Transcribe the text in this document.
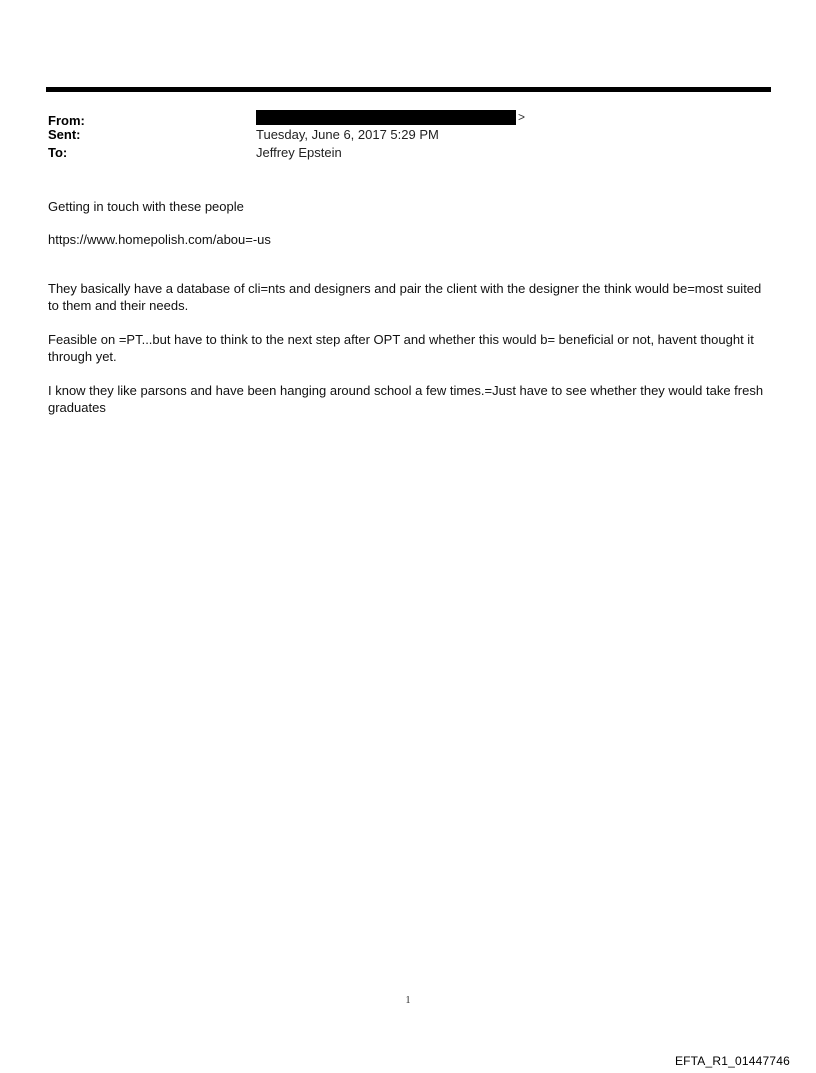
From:	>
Sent:	Tuesday, June 6, 2017 5:29 PM
To:	Jeffrey Epstein

Getting in touch with these people

https://www.homepolish.com/abou=-us

They basically have a database of cli=nts and designers and pair the client with the designer the think would be=most suited to them and their needs.

Feasible on =PT...but have to think to the next step after OPT and whether this would b= beneficial or not, havent thought it through yet.

I know they like parsons and have been hanging around school a few times.=Just have to see whether they would take fresh graduates

1
EFTA_R1_01447746
